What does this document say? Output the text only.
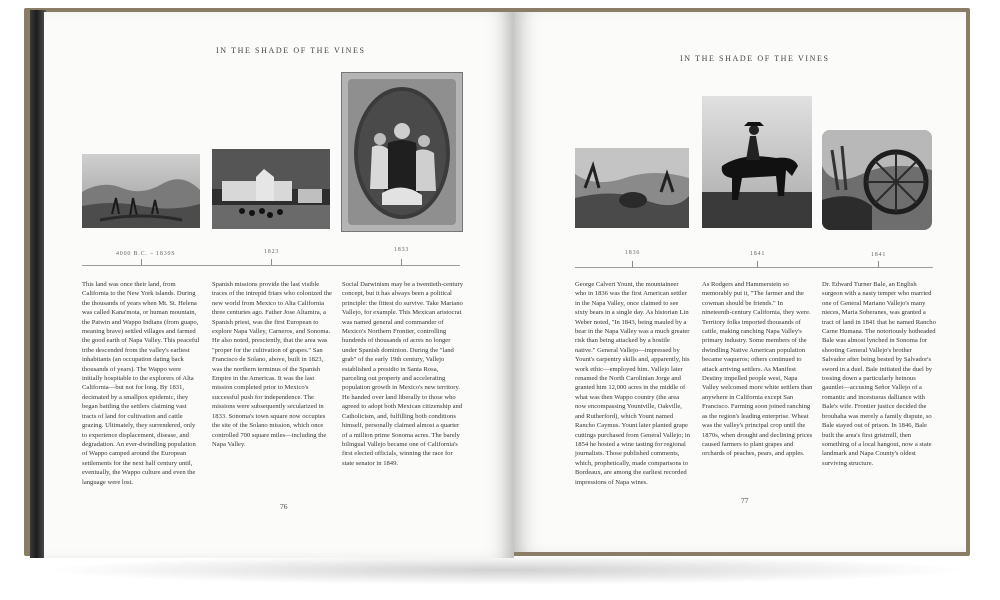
IN THE SHADE OF THE VINES
4000 B.C. – 1830S	1823	1833
This land was once their land, from California to the New York islands. During the thousands of years when Mt. St. Helena was called Kana'mota, or human mountain, the Patwin and Wappo Indians (from guapo, meaning brave) settled villages and farmed the good earth of Napa Valley. This peaceful tribe descended from the valley's earliest inhabitants (an occupation dating back thousands of years). The Wappo were initially hospitable to the explorers of Alta California—but not for long. By 1831, decimated by a smallpox epidemic, they began battling the settlers claiming vast tracts of land for cultivation and cattle grazing. Ultimately, they surrendered, only to experience displacement, disease, and degradation. An ever-dwindling population of Wappo camped around the European settlements for the next half century until, eventually, the Wappo culture and even the language were lost.
Spanish missions provide the last visible traces of the intrepid friars who colonized the new world from Mexico to Alta California three centuries ago. Father Jose Altamira, a Spanish priest, was the first European to explore Napa Valley, Carneros, and Sonoma. He also noted, presciently, that the area was "proper for the cultivation of grapes." San Francisco de Solano, above, built in 1823, was the northern terminus of the Spanish Empire in the Americas. It was the last mission completed prior to Mexico's successful push for independence. The missions were subsequently secularized in 1833. Sonoma's town square now occupies the site of the Solano mission, which once controlled 700 square miles—including the Napa Valley.
Social Darwinism may be a twentieth-century concept, but it has always been a political principle: the fittest do survive. Take Mariano Vallejo, for example. This Mexican aristocrat was named general and commander of Mexico's Northern Frontier, controlling hundreds of thousands of acres no longer under Spanish dominion. During the "land grab" of the early 19th century, Vallejo established a presidio in Santa Rosa, parceling out property and accelerating population growth in Mexico's new territory. He handed over land liberally to those who agreed to adopt both Mexican citizenship and Catholicism, and, fulfilling both conditions himself, personally claimed almost a quarter of a million prime Sonoma acres. The barely bilingual Vallejo became one of California's first elected officials, winning the race for state senator in 1849.
76
IN THE SHADE OF THE VINES
1836	1841	1841
George Calvert Yount, the mountaineer who in 1836 was the first American settler in the Napa Valley, once claimed to see sixty bears in a single day. As historian Lin Weber noted, "In 1843, being mauled by a bear in the Napa Valley was a much greater risk than being attacked by a hostile native." General Vallejo—impressed by Yount's carpentry skills and, apparently, his work ethic—employed him. Vallejo later renamed the North Carolinian Jorge and granted him 12,000 acres in the middle of what was then Wappo country (the area now encompassing Yountville, Oakville, and Rutherford), which Yount named Rancho Caymus. Yount later planted grape cuttings purchased from General Vallejo; in 1854 he hosted a wine tasting for regional journalists. Those published comments, which, prophetically, made comparisons to Bordeaux, are among the earliest recorded impressions of Napa wines.
As Rodgers and Hammerstein so memorably put it, "The farmer and the cowman should be friends." In nineteenth-century California, they were. Territory folks imported thousands of cattle, making ranching Napa Valley's primary industry. Some members of the dwindling Native American population became vaqueros; others continued to attack arriving settlers. As Manifest Destiny impelled people west, Napa Valley welcomed more white settlers than anywhere in California except San Francisco. Farming soon joined ranching as the region's leading enterprise. Wheat was the valley's principal crop until the 1870s, when drought and declining prices caused farmers to plant grapes and orchards of peaches, pears, and apples.
Dr. Edward Turner Bale, an English surgeon with a nasty temper who married one of General Mariano Vallejo's many nieces, Maria Soberanes, was granted a tract of land in 1841 that he named Rancho Carne Humana. The notoriously hotheaded Bale was almost lynched in Sonoma for shooting General Vallejo's brother Salvador after being bested by Salvador's sword in a duel. Bale initiated the duel by tossing down a particularly heinous gauntlet—accusing Señor Vallejo of a romantic and incestuous dalliance with Bale's wife. Frontier justice decided the brouhaha was merely a family dispute, so Bale stayed out of prison. In 1846, Bale built the area's first gristmill, then something of a local hangout, now a state landmark and Napa County's oldest surviving structure.
77
